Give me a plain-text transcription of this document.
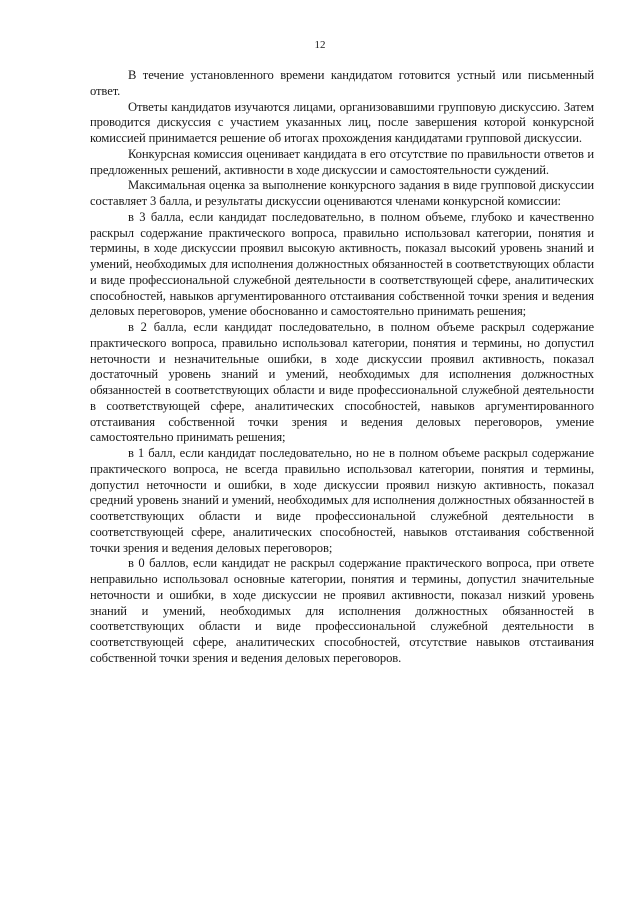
12

В течение установленного времени кандидатом готовится устный или письменный ответ.

Ответы кандидатов изучаются лицами, организовавшими групповую дискуссию. Затем проводится дискуссия с участием указанных лиц, после завершения которой конкурсной комиссией принимается решение об итогах прохождения кандидатами групповой дискуссии.

Конкурсная комиссия оценивает кандидата в его отсутствие по правильности ответов и предложенных решений, активности в ходе дискуссии и самостоятельности суждений.

Максимальная оценка за выполнение конкурсного задания в виде групповой дискуссии составляет 3 балла, и результаты дискуссии оцениваются членами конкурсной комиссии:

в 3 балла, если кандидат последовательно, в полном объеме, глубоко и качественно раскрыл содержание практического вопроса, правильно использовал категории, понятия и термины, в ходе дискуссии проявил высокую активность, показал высокий уровень знаний и умений, необходимых для исполнения должностных обязанностей в соответствующих области и виде профессиональной служебной деятельности в соответствующей сфере, аналитических способностей, навыков аргументированного отстаивания собственной точки зрения и ведения деловых переговоров, умение обоснованно и самостоятельно принимать решения;

в 2 балла, если кандидат последовательно, в полном объеме раскрыл содержание практического вопроса, правильно использовал категории, понятия и термины, но допустил неточности и незначительные ошибки, в ходе дискуссии проявил активность, показал достаточный уровень знаний и умений, необходимых для исполнения должностных обязанностей в соответствующих области и виде профессиональной служебной деятельности в соответствующей сфере, аналитических способностей, навыков аргументированного отстаивания собственной точки зрения и ведения деловых переговоров, умение самостоятельно принимать решения;

в 1 балл, если кандидат последовательно, но не в полном объеме раскрыл содержание практического вопроса, не всегда правильно использовал категории, понятия и термины, допустил неточности и ошибки, в ходе дискуссии проявил низкую активность, показал средний уровень знаний и умений, необходимых для исполнения должностных обязанностей в соответствующих области и виде профессиональной служебной деятельности в соответствующей сфере, аналитических способностей, навыков отстаивания собственной точки зрения и ведения деловых переговоров;

в 0 баллов, если кандидат не раскрыл содержание практического вопроса, при ответе неправильно использовал основные категории, понятия и термины, допустил значительные неточности и ошибки, в ходе дискуссии не проявил активности, показал низкий уровень знаний и умений, необходимых для исполнения должностных обязанностей в соответствующих области и виде профессиональной служебной деятельности в соответствующей сфере, аналитических способностей, отсутствие навыков отстаивания собственной точки зрения и ведения деловых переговоров.
